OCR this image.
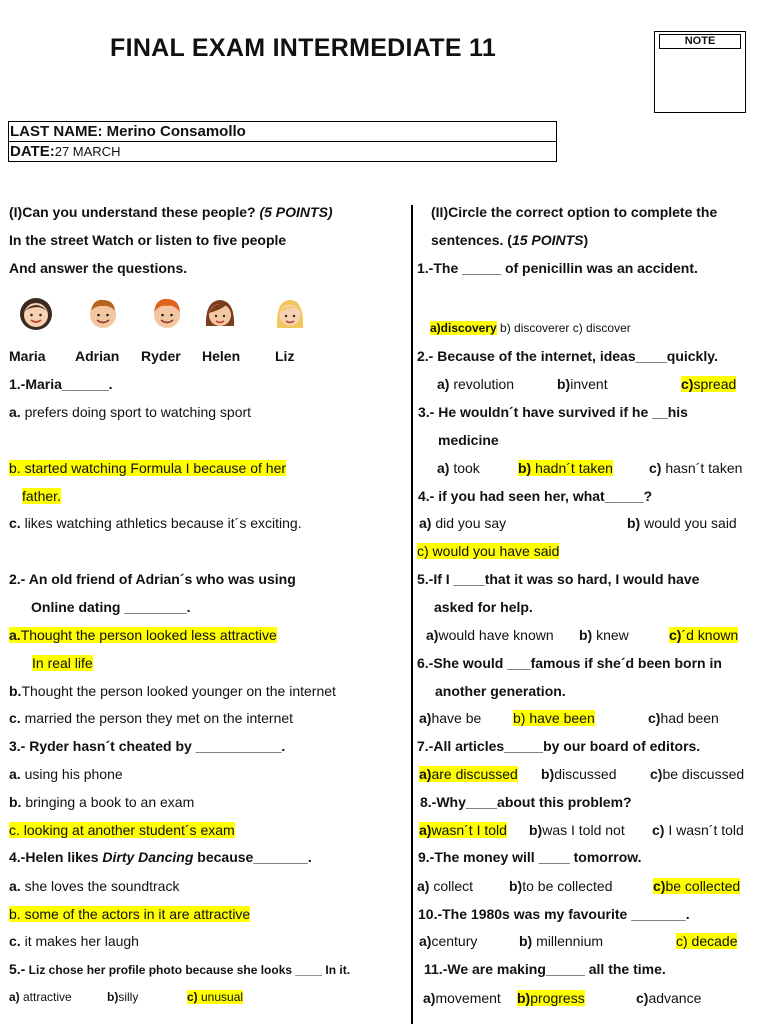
FINAL EXAM INTERMEDIATE 11	NOTE
LAST NAME: Merino Consamollo
DATE:27 MARCH
(I)Can you understand these people? (5 POINTS)
In the street Watch or listen to five people
And answer the questions.
Maria Adrian Ryder Helen Liz
1.-Maria______.
a. prefers doing sport to watching sport
b. started watching Formula I because of her
father.
c. likes watching athletics because it´s exciting.
2.- An old friend of Adrian´s who was using
Online dating ________.
a.Thought the person looked less attractive
In real life
b.Thought the person looked younger on the internet
c. married the person they met on the internet
3.- Ryder hasn´t cheated by ___________.
a. using his phone
b. bringing a book to an exam
c. looking at another student´s exam
4.-Helen likes Dirty Dancing because_______.
a. she loves the soundtrack
b. some of the actors in it are attractive
c. it makes her laugh
5.- Liz chose her profile photo because she looks ____ In it.
a) attractive	b)silly	c) unusual
(II)Circle the correct option to complete the
sentences. (15 POINTS)
1.-The _____ of penicillin was an accident.
a)discovery b) discoverer c) discover
2.- Because of the internet, ideas____quickly.
a) revolution	b)invent	c)spread
3.- He wouldn´t have survived if he __his
medicine
a) took	b) hadn´t taken	c) hasn´t taken
4.- if you had seen her, what_____?
a) did you say	b) would you said
c) would you have said
5.-If I ____that it was so hard, I would have
asked for help.
a)would have known b) knew	c)´d known
6.-She would ___famous if she´d been born in
another generation.
a)have be b) have been	c)had been
7.-All articles_____by our board of editors.
a)are discussed b)discussed c)be discussed
8.-Why____about this problem?
a)wasn´t I told b)was I told not c) I wasn´t told
9.-The money will ____ tomorrow.
a) collect	b)to be collected	c)be collected
10.-The 1980s was my favourite _______.
a)century	b) millennium	c) decade
11.-We are making_____ all the time.
a)movement b)progress	c)advance
